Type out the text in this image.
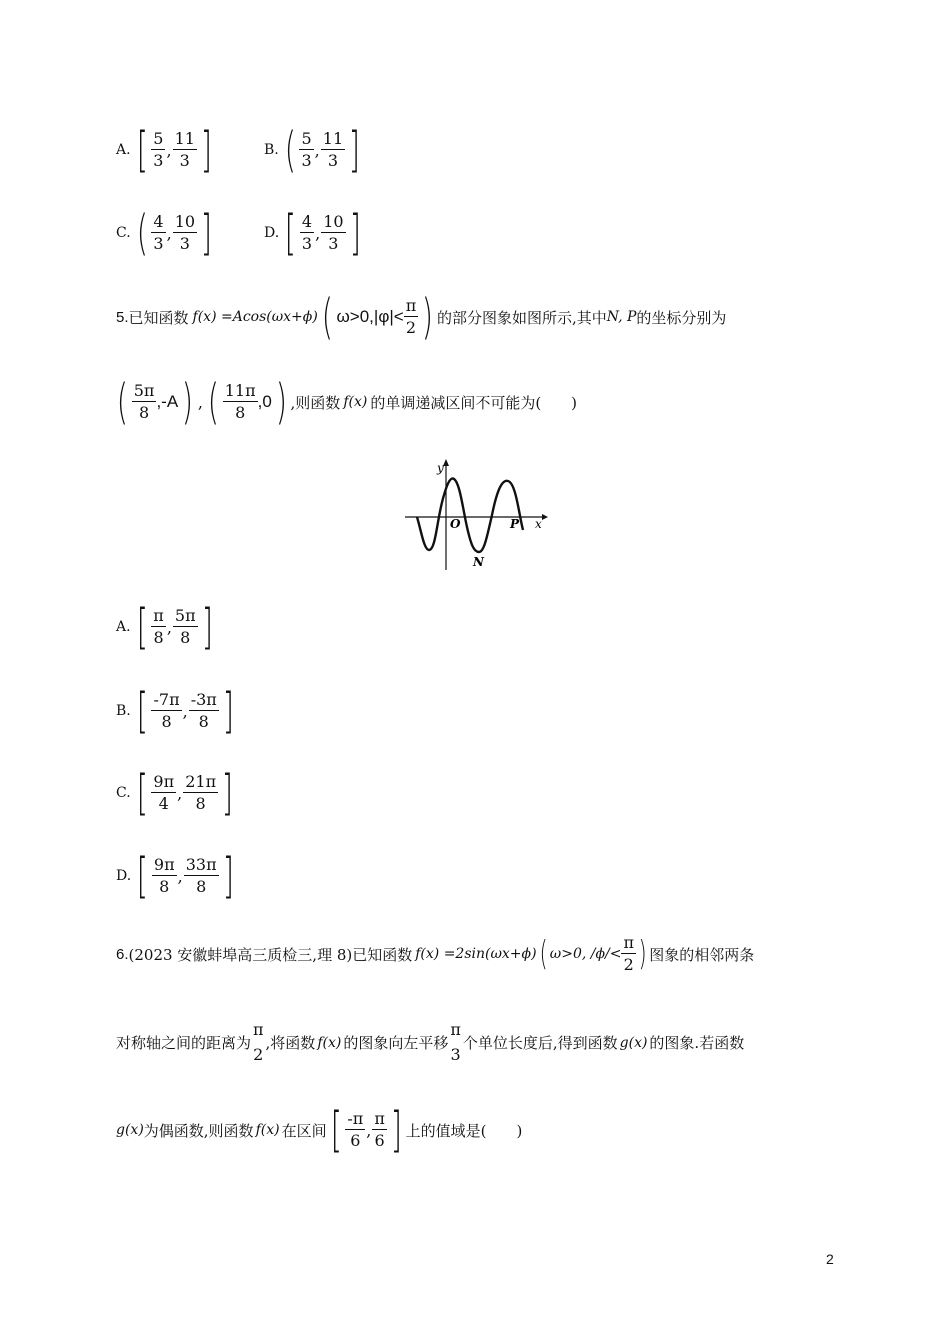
A. [ $\frac{5}{3}$ , $\frac{11}{3}$ ]	B. ( $\frac{5}{3}$ , $\frac{11}{3}$ ]
C. ( $\frac{4}{3}$ , $\frac{10}{3}$ ]	D. [ $\frac{4}{3}$ , $\frac{10}{3}$ ]
5. 已知函数 f(x) =Acos(ωx+ϕ) ( $\omega>0,|\varphi|< \frac{\pi}{2}$ ) 的部分图象如图所示,其中 N, P 的坐标分别为
( $\frac{5\pi}{8} ,-A$ ) , ( $\frac{11\pi}{8} ,0$ ) ,则函数 f(x) 的单调递减区间不可能为(　　)
y
O	P x
N
A. [ $\frac{\pi}{8}$ , $\frac{5\pi}{8}$ ]
B. [ $\frac{-7\pi}{8}$ , $\frac{-3\pi}{8}$ ]
C. [ $\frac{9\pi}{4}$ , $\frac{21\pi}{8}$ ]
D. [ $\frac{9\pi}{8}$ , $\frac{33\pi}{8}$ ]
6. (2023 安徽蚌埠高三质检三,理 8)已知函数 f(x) =2sin(ωx+ϕ) ( ω>0, $/\phi/< \frac{\pi}{2}$ ) 图象的相邻两条
对称轴之间的距离为
π
2
,将函数 f(x) 的图象向左平移
π
3
个单位长度后,得到函数 g(x) 的图象.若函数
g(x) 为偶函数,则函数 f(x) 在区间 [ $\frac{-\pi}{6}$ , $\frac{\pi}{6}$ ] 上的值域是(　　)
2
